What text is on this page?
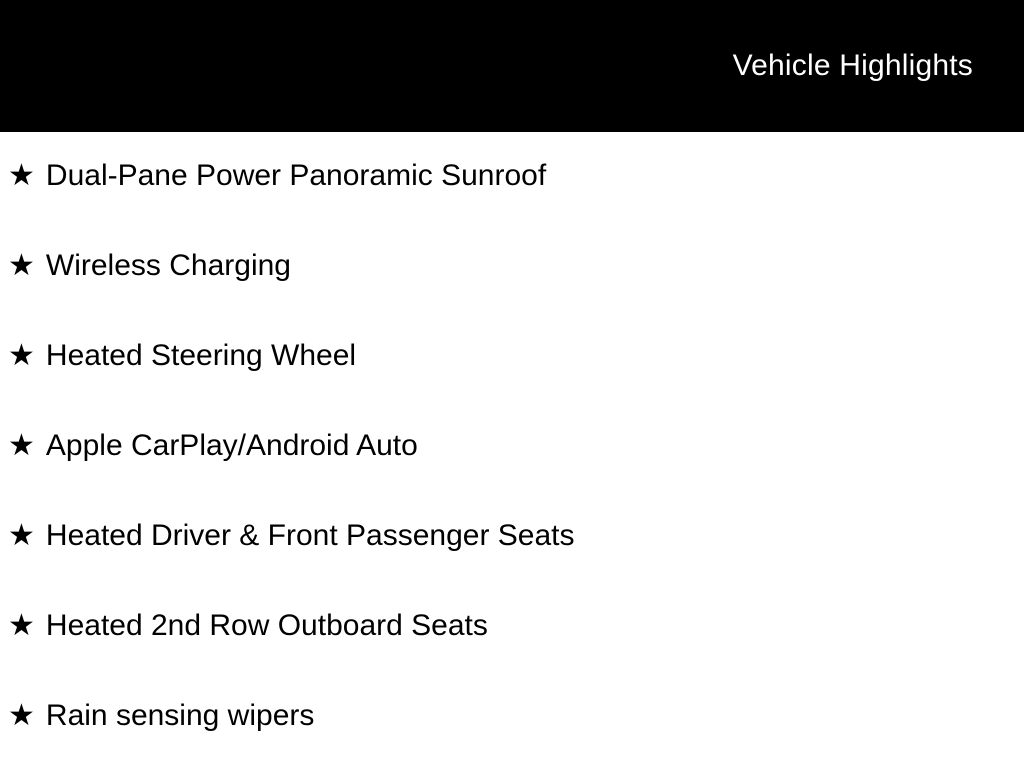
Vehicle Highlights
★ Dual-Pane Power Panoramic Sunroof
★ Wireless Charging
★ Heated Steering Wheel
★ Apple CarPlay/Android Auto
★ Heated Driver & Front Passenger Seats
★ Heated 2nd Row Outboard Seats
★ Rain sensing wipers
